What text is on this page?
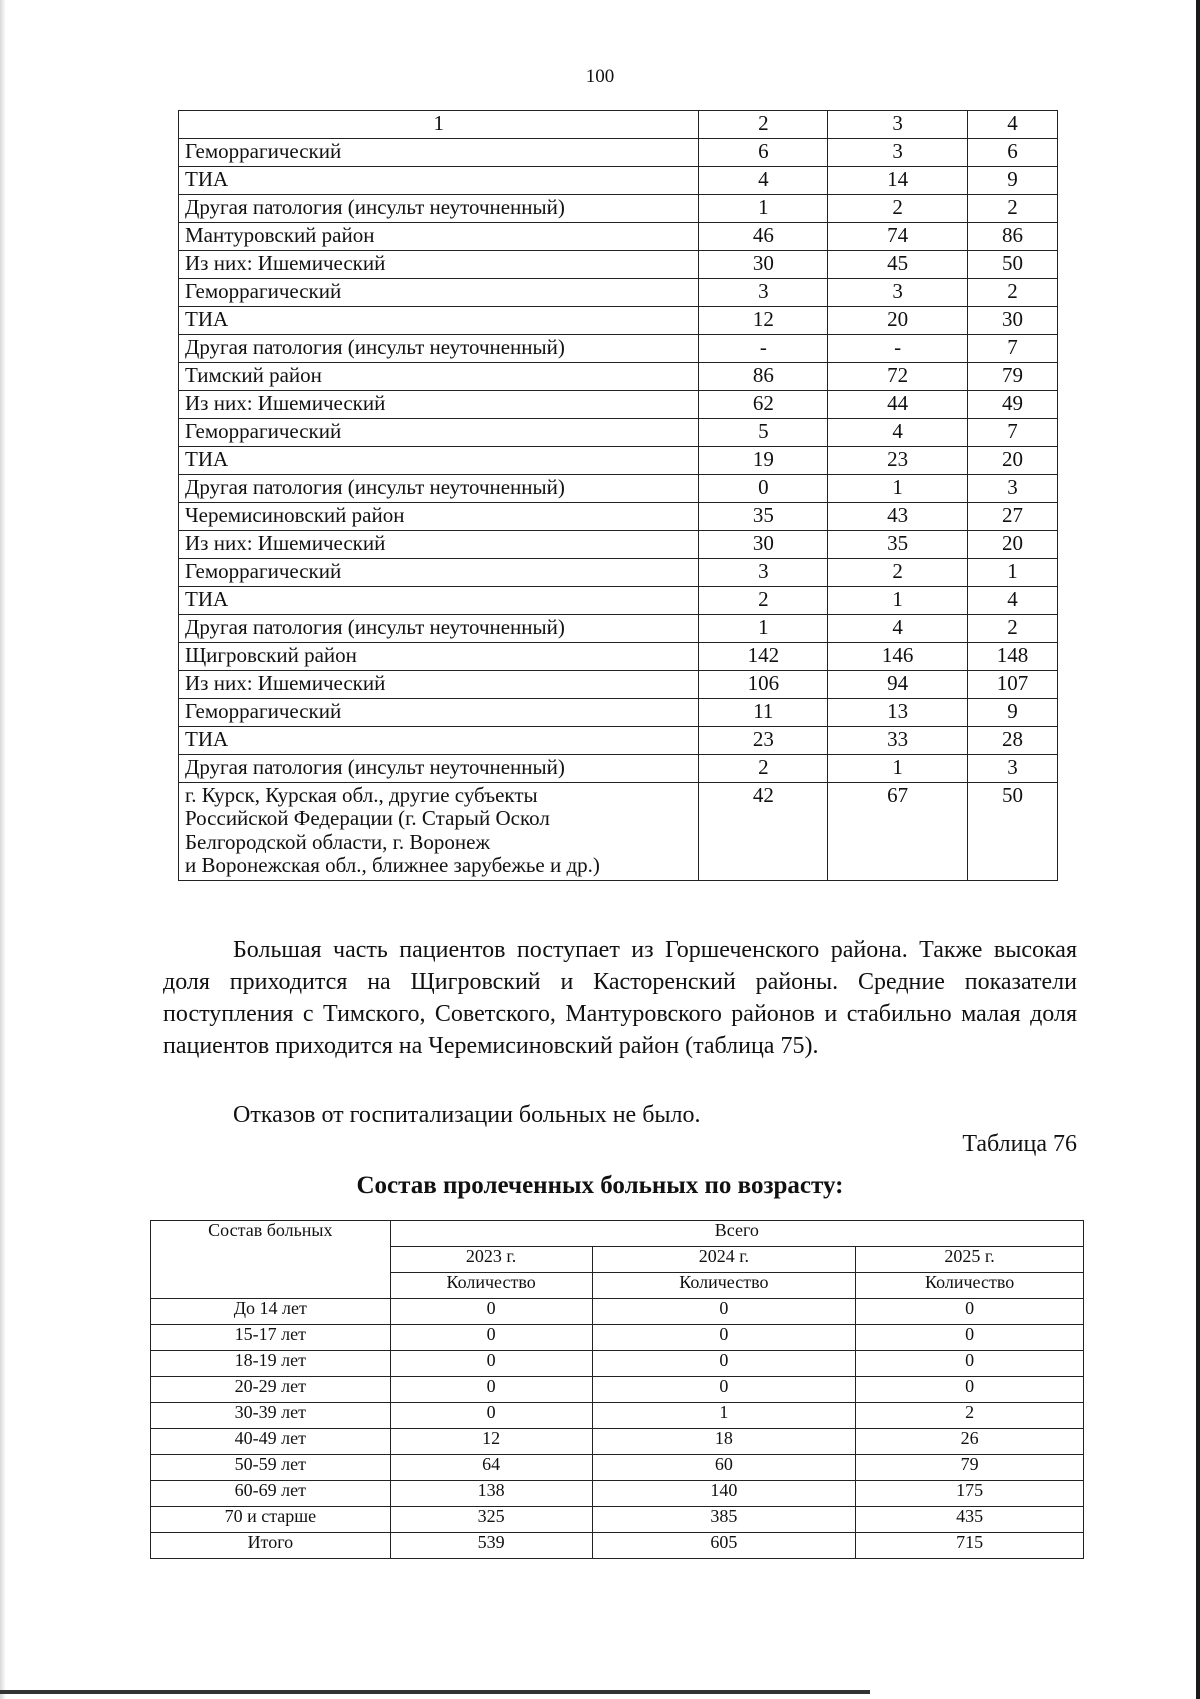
100
1	2	3	4
Геморрагический	6	3	6
ТИА	4	14	9
Другая патология (инсульт неуточненный)	1	2	2
Мантуровский район	46	74	86
Из них: Ишемический	30	45	50
Геморрагический	3	3	2
ТИА	12	20	30
Другая патология (инсульт неуточненный)	-	-	7
Тимский район	86	72	79
Из них: Ишемический	62	44	49
Геморрагический	5	4	7
ТИА	19	23	20
Другая патология (инсульт неуточненный)	0	1	3
Черемисиновский район	35	43	27
Из них: Ишемический	30	35	20
Геморрагический	3	2	1
ТИА	2	1	4
Другая патология (инсульт неуточненный)	1	4	2
Щигровский район	142	146	148
Из них: Ишемический	106	94	107
Геморрагический	11	13	9
ТИА	23	33	28
Другая патология (инсульт неуточненный)	2	1	3

г. Курск, Курская обл., другие субъекты
Российской Федерации (г. Старый Оскол
Белгородской области, г. Воронеж
и Воронежская обл., ближнее зарубежье и др.)	42	67	50
Большая часть пациентов поступает из Горшеченского района. Также высокая доля приходится на Щигровский и Касторенский районы. Средние показатели поступления с Тимского, Советского, Мантуровского районов и стабильно малая доля пациентов приходится на Черемисиновский район (таблица 75).
Отказов от госпитализации больных не было.
Таблица 76
Состав пролеченных больных по возрасту:
Состав больных	Всего		
	2023 г.	2024 г.	2025 г.
	Количество	Количество	Количество
До 14 лет	0	0	0
15-17 лет	0	0	0
18-19 лет	0	0	0
20-29 лет	0	0	0
30-39 лет	0	1	2
40-49 лет	12	18	26
50-59 лет	64	60	79
60-69 лет	138	140	175
70 и старше	325	385	435
Итого	539	605	715
